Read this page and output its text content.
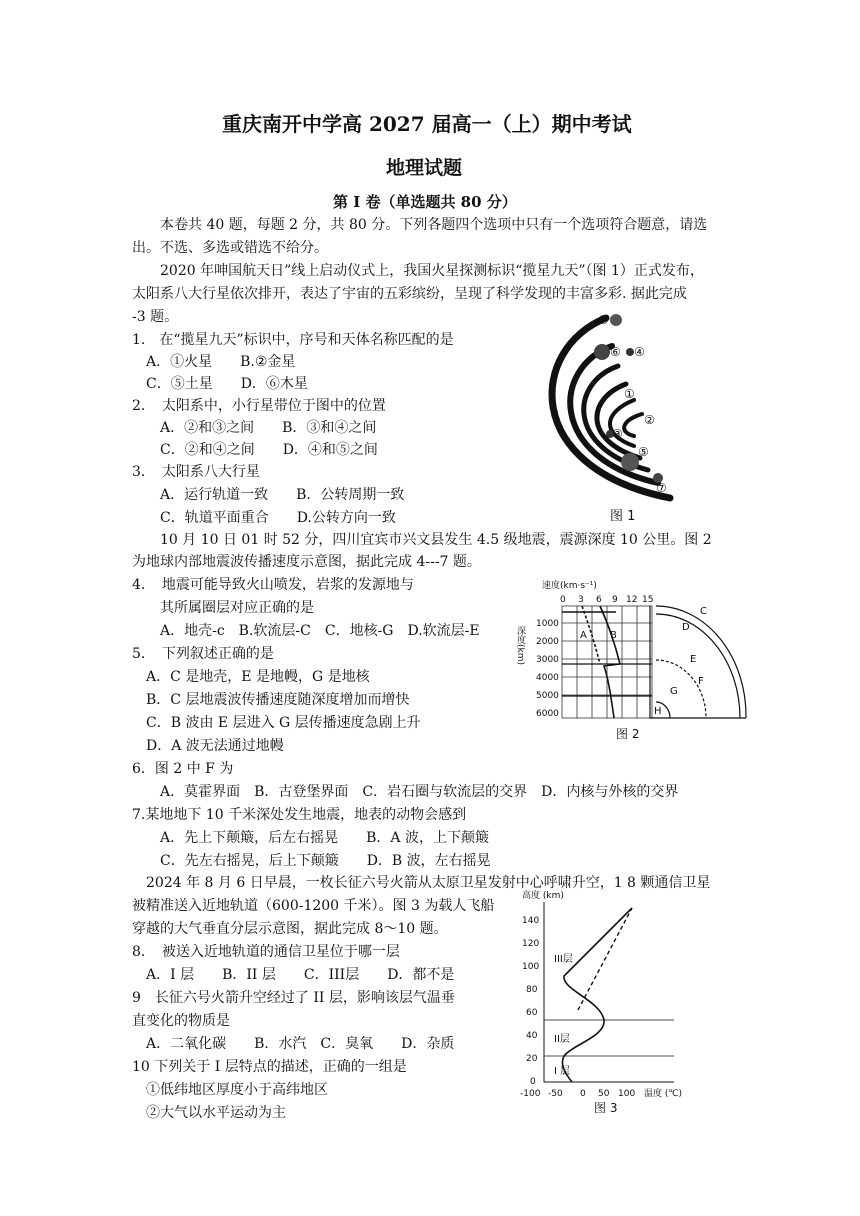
重庆南开中学高 2027 届高一（上）期中考试
地理试题
第 I 卷（单选题共 80 分）
本卷共 40 题，每题 2 分，共 80 分。下列各题四个选项中只有一个选项符合题意，请选
出。不选、多选或错选不给分。
2020 年呻国航天日”线上启动仪式上，我国火星探测标识“揽星九天”（图 1）正式发布，
太阳系八大行星依次排开，表达了宇宙的五彩缤纷，呈现了科学发现的丰富多彩. 据此完成
-3 题。
1.　在“揽星九天”标识中，序号和天体名称匹配的是
A．①火星　　B.②金星
C．⑤土星　　D．⑥木星
2．　太阳系中，小行星带位于图中的位置
A．②和③之间　　B．③和④之间
C．②和④之间　　D．④和⑤之间
3．　太阳系八大行星
A．运行轨道一致　　B．公转周期一致
C．轨道平面重合　　D.公转方向一致
10 月 10 日 01 时 52 分，四川宜宾市兴文县发生 4.5 级地震，震源深度 10 公里。图 2
为地球内部地震波传播速度示意图，据此完成 4---7 题。
4．　地震可能导致火山喷发，岩浆的发源地与
其所属圈层对应正确的是
A．地壳-c　B.软流层-C　C．地核-G　D.软流层-E
5．　下列叙述正确的是
A．C 是地壳，E 是地幔，G 是地核
B．C 层地震波传播速度随深度增加而增快
C．B 波由 E 层进入 G 层传播速度急剧上升
D．A 波无法通过地幔
6．图 2 中 F 为
A．莫霍界面　B．古登堡界面　C．岩石圈与软流层的交界　D．内核与外核的交界
7.某地地下 10 千米深处发生地震，地表的动物会感到
A．先上下颠簸，后左右摇晃　　B．A 波，上下颠簸
C．先左右摇晃，后上下颠簸　　D．B 波，左右摇晃
2024 年 8 月 6 日早晨，一枚长征六号火箭从太原卫星发射中心呼啸升空，1 8 颗通信卫星
被精准送入近地轨道（600-1200 千米）。图 3 为载人飞船
穿越的大气垂直分层示意图，据此完成 8～10 题。
8．　被送入近地轨道的通信卫星位于哪一层
A．I 层　　B．II 层　　C．III层　　D．都不是
9　长征六号火箭升空经过了 II 层，影响该层气温垂
直变化的物质是
A．二氧化碳　　B．水汽　C．臭氧　　D．杂质
10 下列关于 I 层特点的描述，正确的一组是
①低纬地区厚度小于高纬地区
②大气以水平运动为主
⑧
⑥ ④
①
②
③
⑤
⑦
图 1
速度(km·s⁻¹)
0 3 6 9 12 15
深度(km)
1000
2000
3000
4000
5000
6000
A B
C
D
E
F
G
H
图 2
高度 (km)
140
120
100
80
60
40
20
0
-100 -50 0 50 100 温度 (℃)
III层
II层
I 层
图 3
